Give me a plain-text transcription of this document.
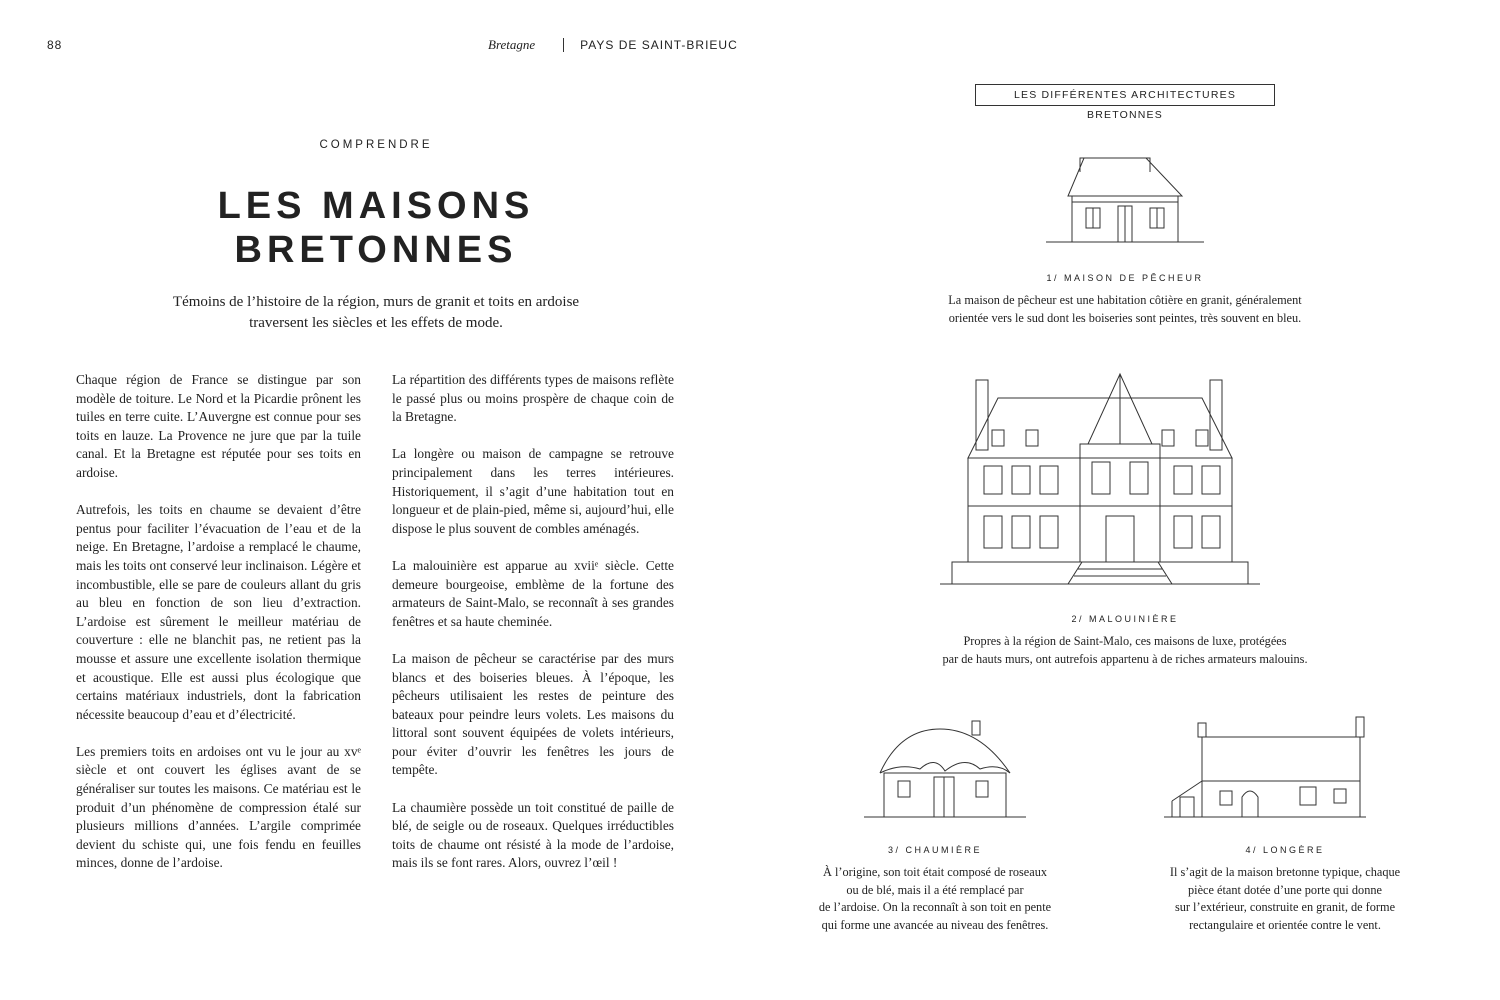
88	Bretagne	PAYS DE SAINT-BRIEUC
COMPRENDRE
LES MAISONS
BRETONNES
Témoins de l’histoire de la région, murs de granit et toits en ardoise
traversent les siècles et les effets de mode.

Chaque région de France se distingue par son modèle de toiture. Le Nord et la Picardie prônent les tuiles en terre cuite. L’Auvergne est connue pour ses toits en lauze. La Provence ne jure que par la tuile canal. Et la Bretagne est réputée pour ses toits en ardoise.

Autrefois, les toits en chaume se devaient d’être pentus pour faciliter l’évacuation de l’eau et de la neige. En Bretagne, l’ardoise a remplacé le chaume, mais les toits ont conservé leur inclinaison. Légère et incombustible, elle se pare de couleurs allant du gris au bleu en fonction de son lieu d’extraction. L’ardoise est sûrement le meilleur matériau de couverture : elle ne blanchit pas, ne retient pas la mousse et assure une excellente isolation thermique et acoustique. Elle est aussi plus écologique que certains matériaux industriels, dont la fabrication nécessite beaucoup d’eau et d’électricité.

Les premiers toits en ardoises ont vu le jour au xvᵉ siècle et ont couvert les églises avant de se généraliser sur toutes les maisons. Ce matériau est le produit d’un phénomène de compression étalé sur plusieurs millions d’années. L’argile comprimée devient du schiste qui, une fois fendu en feuilles minces, donne de l’ardoise.

La répartition des différents types de maisons reflète le passé plus ou moins prospère de chaque coin de la Bretagne.

La longère ou maison de campagne se retrouve principalement dans les terres intérieures. Historiquement, il s’agit d’une habitation tout en longueur et de plain-pied, même si, aujourd’hui, elle dispose le plus souvent de combles aménagés.

La malouinière est apparue au xviiᵉ siècle. Cette demeure bourgeoise, emblème de la fortune des armateurs de Saint-Malo, se reconnaît à ses grandes fenêtres et sa haute cheminée.

La maison de pêcheur se caractérise par des murs blancs et des boiseries bleues. À l’époque, les pêcheurs utilisaient les restes de peinture des bateaux pour peindre leurs volets. Les maisons du littoral sont souvent équipées de volets intérieurs, pour éviter d’ouvrir les fenêtres les jours de tempête.

La chaumière possède un toit constitué de paille de blé, de seigle ou de roseaux. Quelques irréductibles toits de chaume ont résisté à la mode de l’ardoise, mais ils se font rares. Alors, ouvrez l’œil !

LES DIFFÉRENTES ARCHITECTURES BRETONNES
1/ MAISON DE PÊCHEUR
La maison de pêcheur est une habitation côtière en granit, généralement
orientée vers le sud dont les boiseries sont peintes, très souvent en bleu.
2/ MALOUINIÈRE
Propres à la région de Saint-Malo, ces maisons de luxe, protégées
par de hauts murs, ont autrefois appartenu à de riches armateurs malouins.
3/ CHAUMIÈRE
À l’origine, son toit était composé de roseaux
ou de blé, mais il a été remplacé par
de l’ardoise. On la reconnaît à son toit en pente
qui forme une avancée au niveau des fenêtres.
4/ LONGÈRE
Il s’agit de la maison bretonne typique, chaque
pièce étant dotée d’une porte qui donne
sur l’extérieur, construite en granit, de forme
rectangulaire et orientée contre le vent.
